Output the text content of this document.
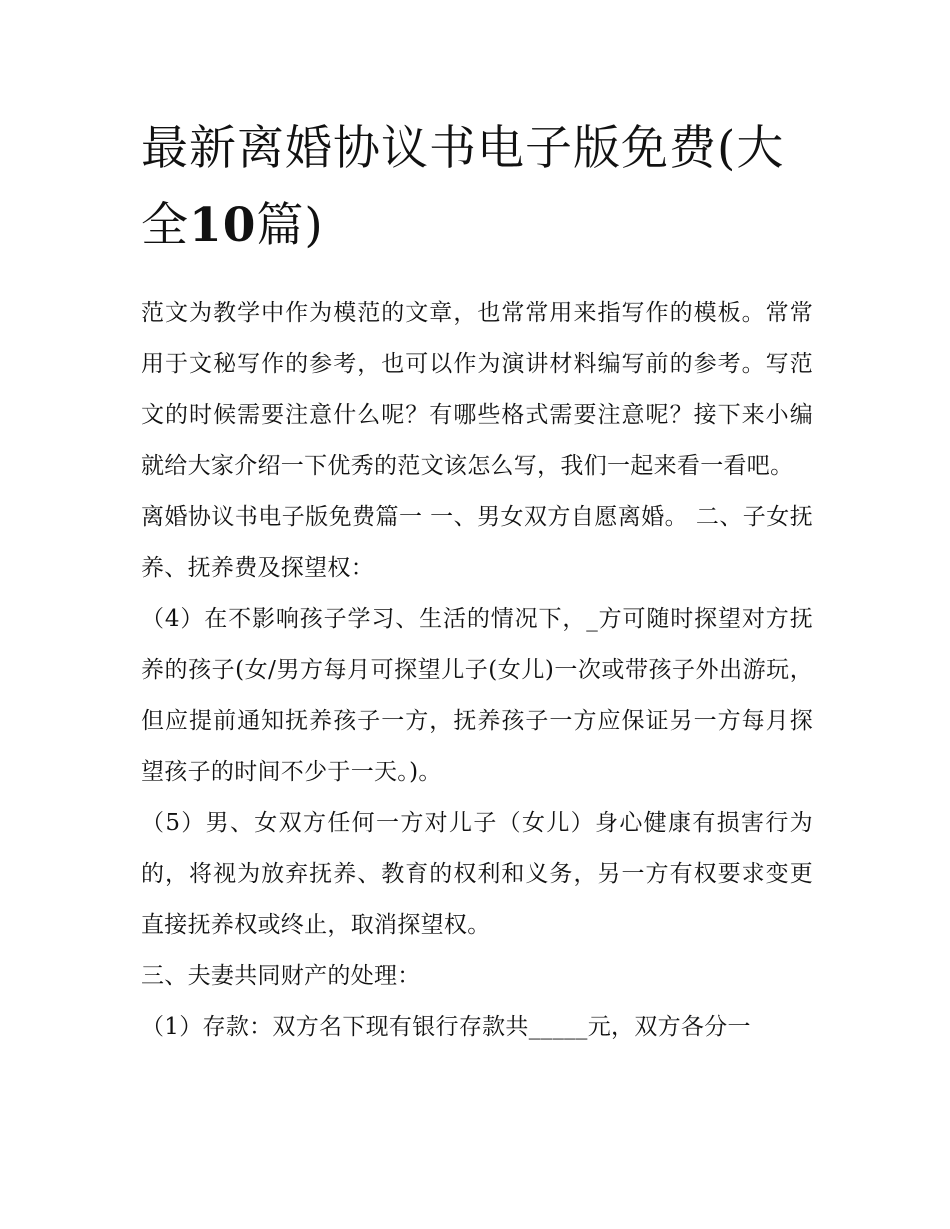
最新离婚协议书电子版免费(大全10篇)

范文为教学中作为模范的文章，也常常用来指写作的模板。常常用于文秘写作的参考，也可以作为演讲材料编写前的参考。写范文的时候需要注意什么呢？有哪些格式需要注意呢？接下来小编就给大家介绍一下优秀的范文该怎么写，我们一起来看一看吧。

离婚协议书电子版免费篇一 一、男女双方自愿离婚。 二、子女抚养、抚养费及探望权：

（4）在不影响孩子学习、生活的情况下，_方可随时探望对方抚养的孩子(女/男方每月可探望儿子(女儿)一次或带孩子外出游玩，但应提前通知抚养孩子一方，抚养孩子一方应保证另一方每月探望孩子的时间不少于一天。)。

（5）男、女双方任何一方对儿子（女儿）身心健康有损害行为的，将视为放弃抚养、教育的权利和义务，另一方有权要求变更直接抚养权或终止，取消探望权。

三、夫妻共同财产的处理：

（1）存款：双方名下现有银行存款共_____元，双方各分一
